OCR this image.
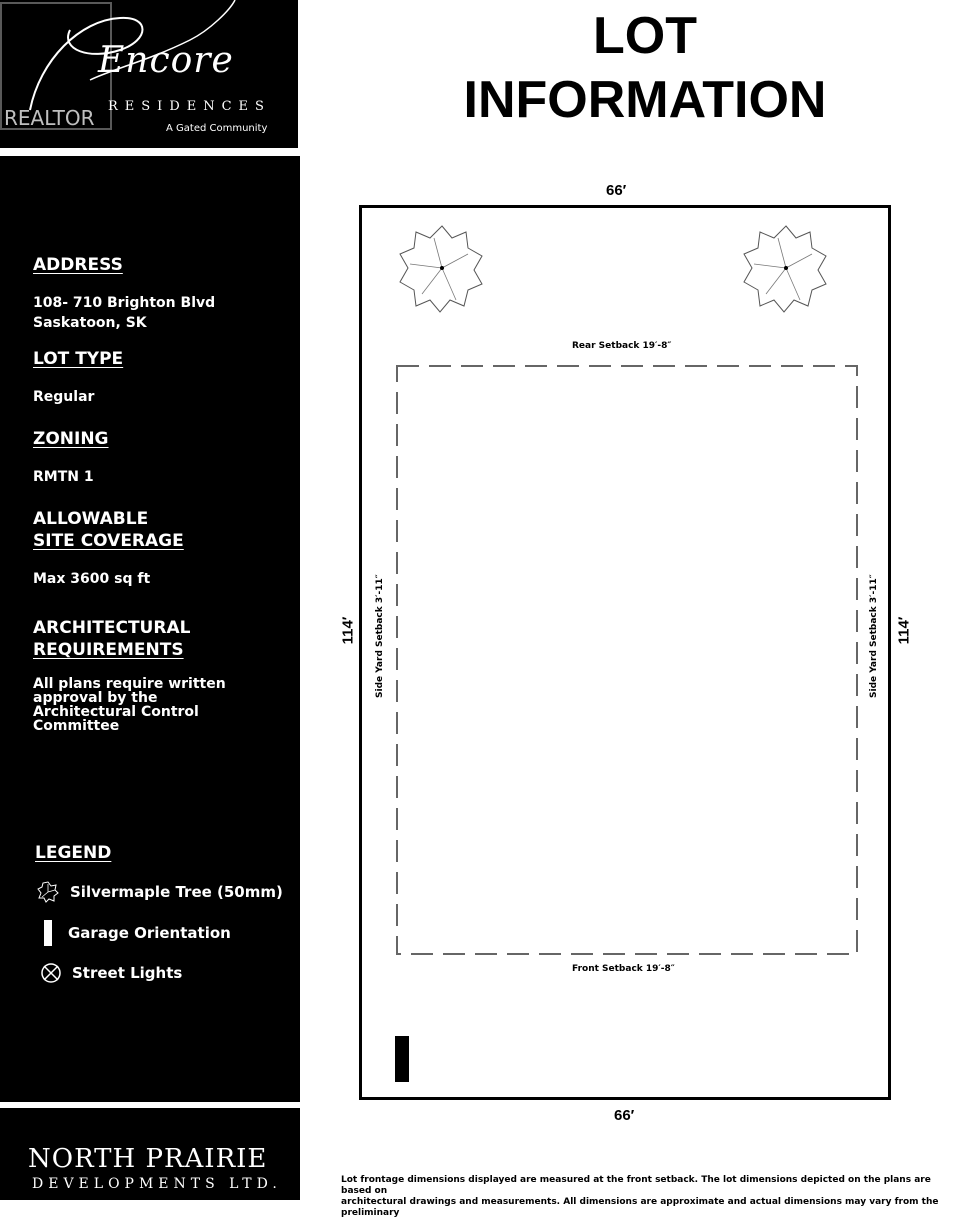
Encore
RESIDENCES
A Gated Community
REALTOR
ADDRESS
108- 710 Brighton Blvd
Saskatoon, SK
LOT TYPE
Regular
ZONING
RMTN 1
ALLOWABLE
SITE COVERAGE
Max 3600 sq ft
ARCHITECTURAL
REQUIREMENTS
All plans require written
approval by the
Architectural Control
Committee
LEGEND
Silvermaple Tree (50mm)
Garage Orientation
Street Lights
NORTH PRAIRIE
DEVELOPMENTS LTD.
LOT
INFORMATION
66′
66′
114′	114′
Rear Setback 19′-8″
Front Setback 19′-8″
Side Yard Setback 3′-11″	Side Yard Setback 3′-11″
Lot frontage dimensions displayed are measured at the front setback. The lot dimensions depicted on the plans are based on
architectural drawings and measurements. All dimensions are approximate and actual dimensions may vary from the preliminary
